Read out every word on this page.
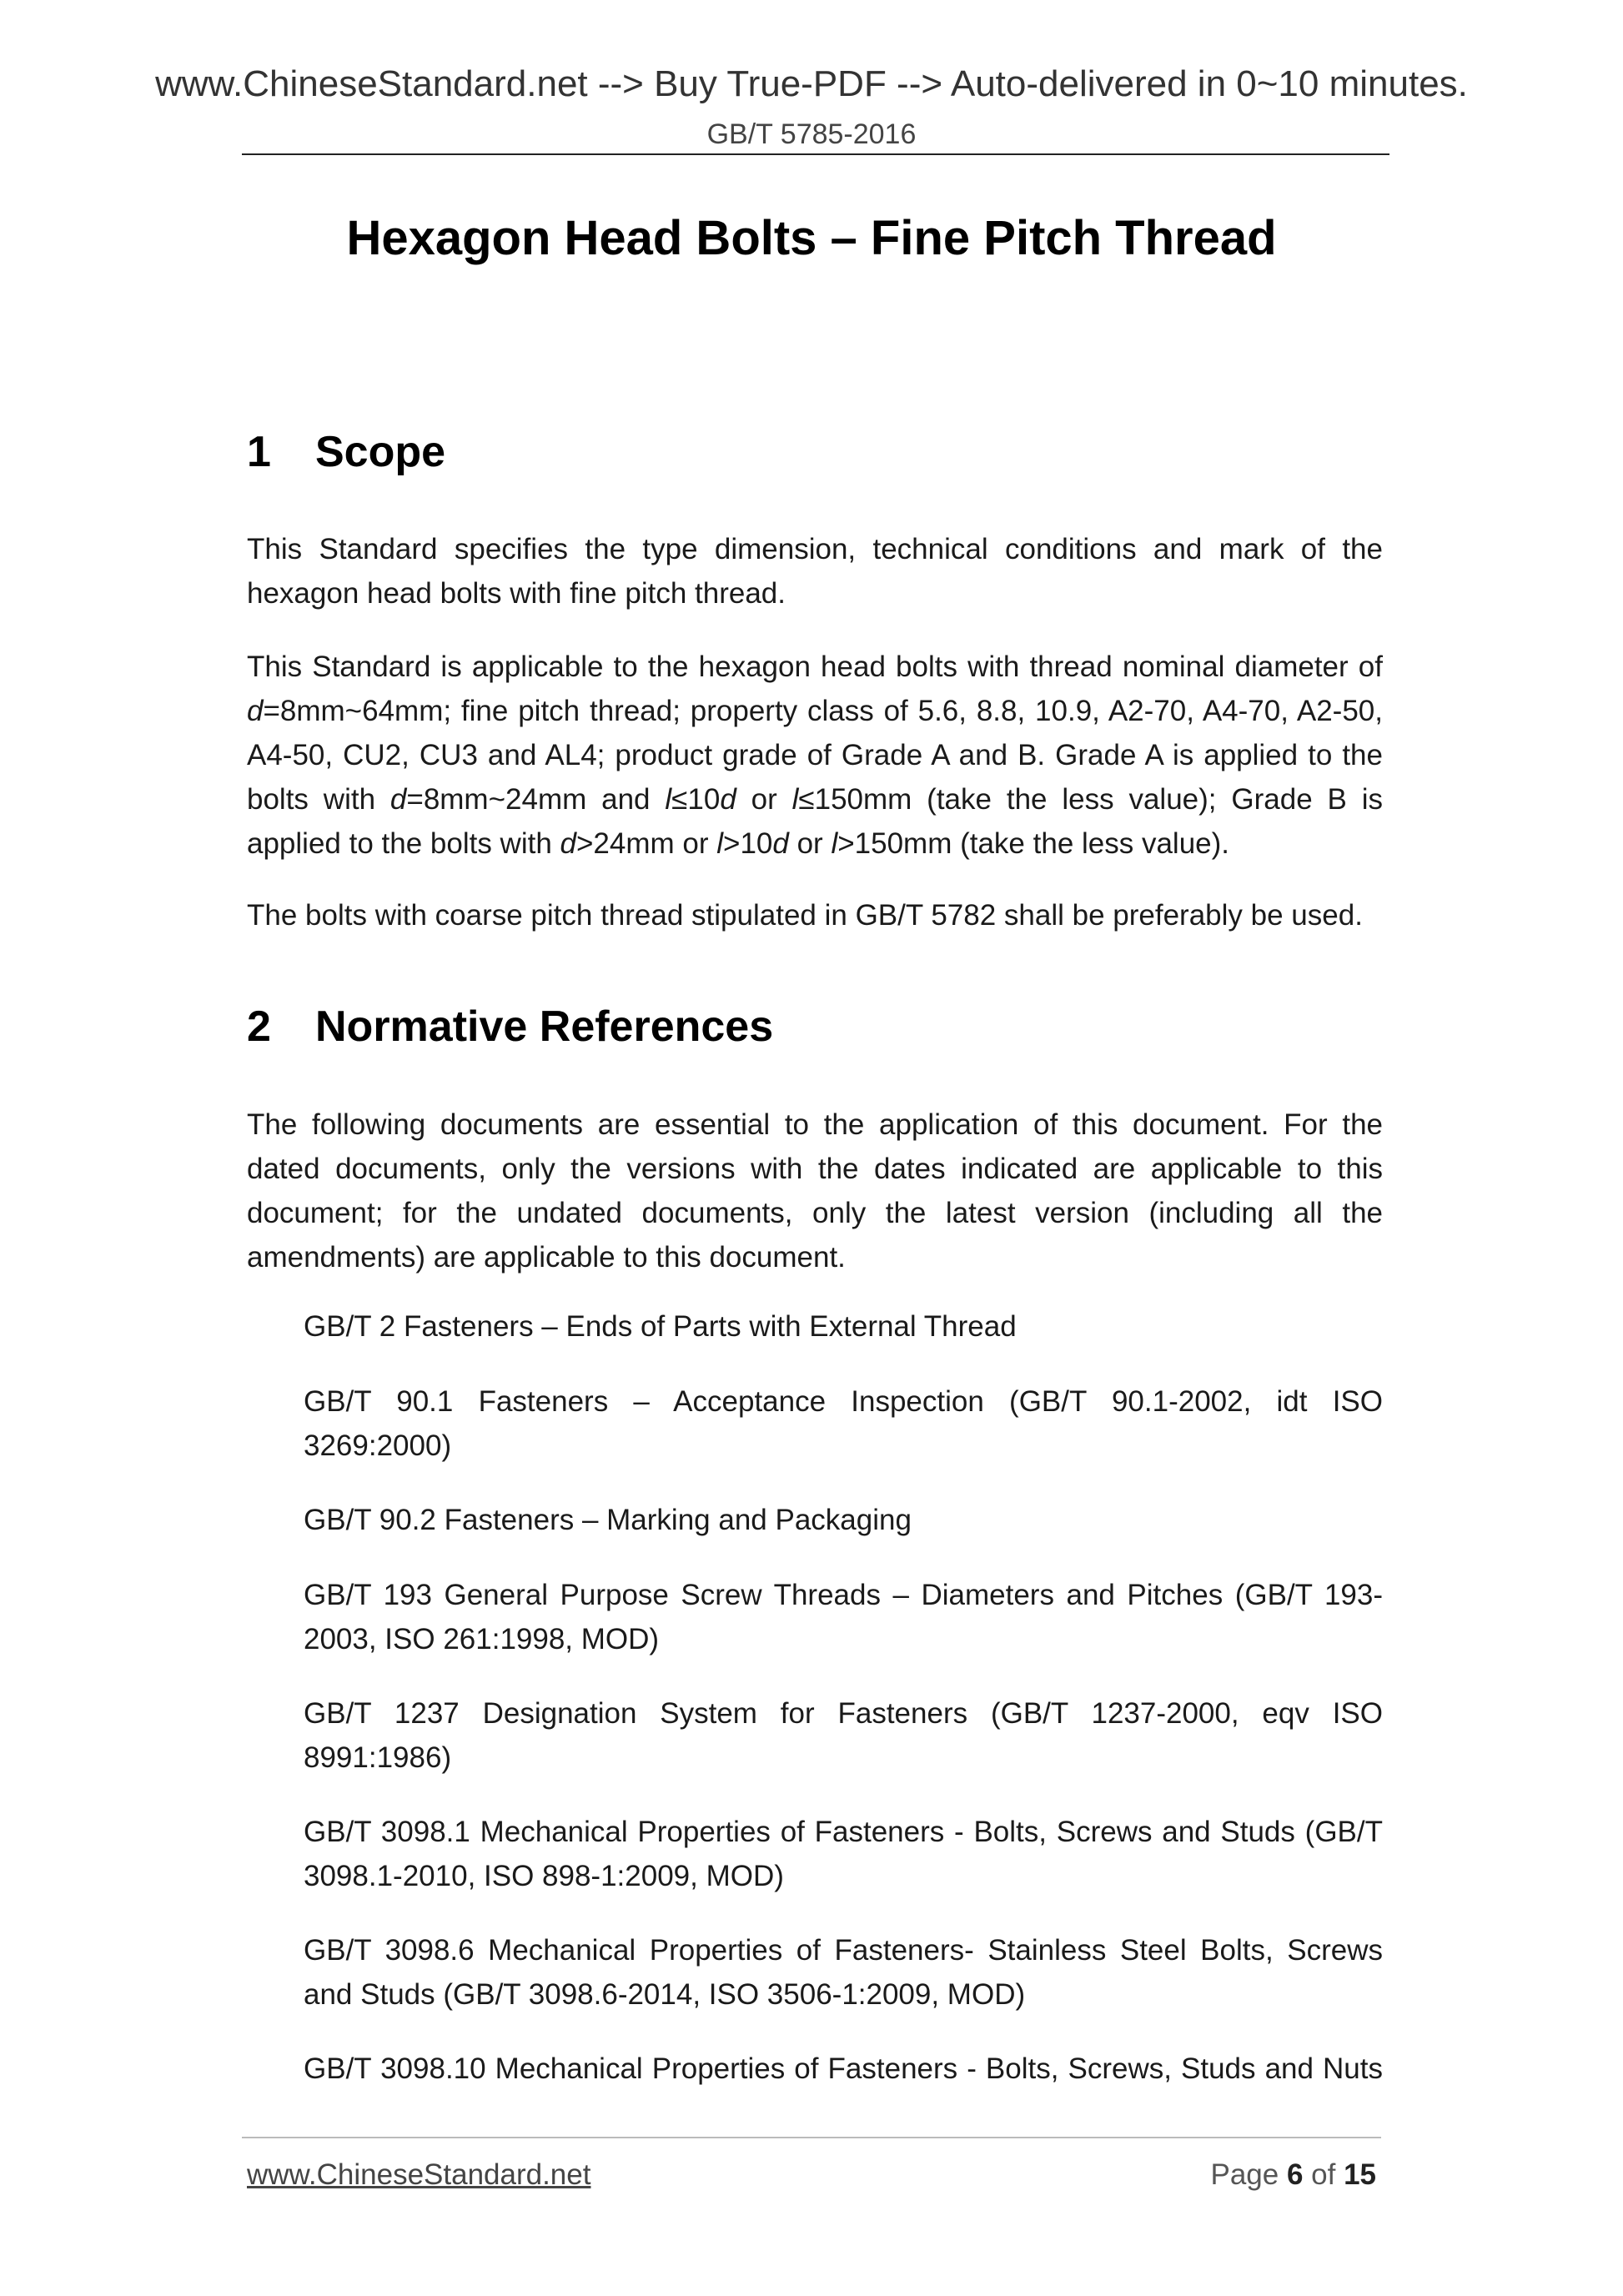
www.ChineseStandard.net --> Buy True-PDF --> Auto-delivered in 0~10 minutes.
GB/T 5785-2016
Hexagon Head Bolts – Fine Pitch Thread
1 Scope
This Standard specifies the type dimension, technical conditions and mark of the hexagon head bolts with fine pitch thread.
This Standard is applicable to the hexagon head bolts with thread nominal diameter of d=8mm~64mm; fine pitch thread; property class of 5.6, 8.8, 10.9, A2-70, A4-70, A2-50, A4-50, CU2, CU3 and AL4; product grade of Grade A and B. Grade A is applied to the bolts with d=8mm~24mm and l≤10d or l≤150mm (take the less value); Grade B is applied to the bolts with d>24mm or l>10d or l>150mm (take the less value).
The bolts with coarse pitch thread stipulated in GB/T 5782 shall be preferably be used.
2 Normative References
The following documents are essential to the application of this document. For the dated documents, only the versions with the dates indicated are applicable to this document; for the undated documents, only the latest version (including all the amendments) are applicable to this document.
GB/T 2 Fasteners – Ends of Parts with External Thread
GB/T 90.1 Fasteners – Acceptance Inspection (GB/T 90.1-2002, idt ISO
3269:2000)
GB/T 90.2 Fasteners – Marking and Packaging
GB/T 193 General Purpose Screw Threads – Diameters and Pitches (GB/T 193-
2003, ISO 261:1998, MOD)
GB/T 1237 Designation System for Fasteners (GB/T 1237-2000, eqv ISO
8991:1986)
GB/T 3098.1 Mechanical Properties of Fasteners - Bolts, Screws and Studs (GB/T
3098.1-2010, ISO 898-1:2009, MOD)
GB/T 3098.6 Mechanical Properties of Fasteners- Stainless Steel Bolts, Screws
and Studs (GB/T 3098.6-2014, ISO 3506-1:2009, MOD)
GB/T 3098.10 Mechanical Properties of Fasteners - Bolts, Screws, Studs and Nuts
www.ChineseStandard.net	Page 6 of 15
